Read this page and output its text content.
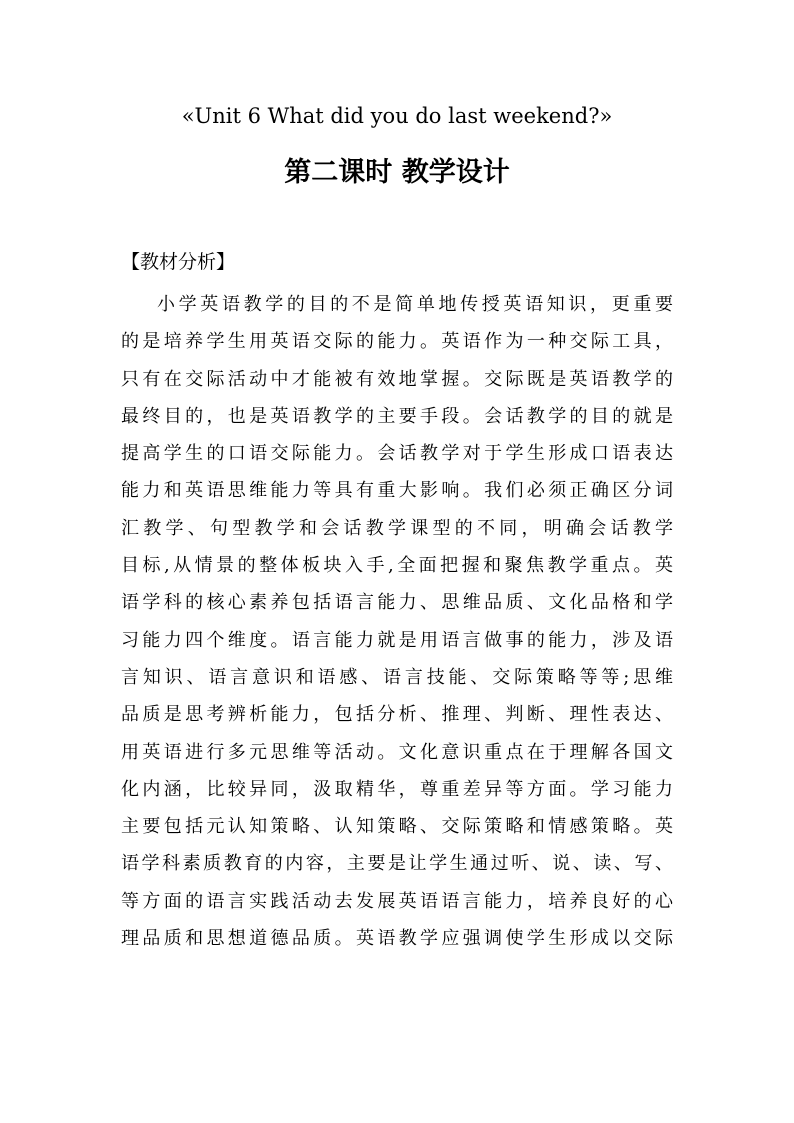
«Unit 6 What did you do last weekend?»
第二课时 教学设计
【教材分析】
小学英语教学的目的不是简单地传授英语知识，更重要
的是培养学生用英语交际的能力。英语作为一种交际工具，
只有在交际活动中才能被有效地掌握。交际既是英语教学的
最终目的，也是英语教学的主要手段。会话教学的目的就是
提高学生的口语交际能力。会话教学对于学生形成口语表达
能力和英语思维能力等具有重大影响。我们必须正确区分词
汇教学、句型教学和会话教学课型的不同，明确会话教学
目标,从情景的整体板块入手,全面把握和聚焦教学重点。英
语学科的核心素养包括语言能力、思维品质、文化品格和学
习能力四个维度。语言能力就是用语言做事的能力，涉及语
言知识、语言意识和语感、语言技能、交际策略等等;思维
品质是思考辨析能力，包括分析、推理、判断、理性表达、
用英语进行多元思维等活动。文化意识重点在于理解各国文
化内涵，比较异同，汲取精华，尊重差异等方面。学习能力
主要包括元认知策略、认知策略、交际策略和情感策略。英
语学科素质教育的内容，主要是让学生通过听、说、读、写、
等方面的语言实践活动去发展英语语言能力，培养良好的心
理品质和思想道德品质。英语教学应强调使学生形成以交际
